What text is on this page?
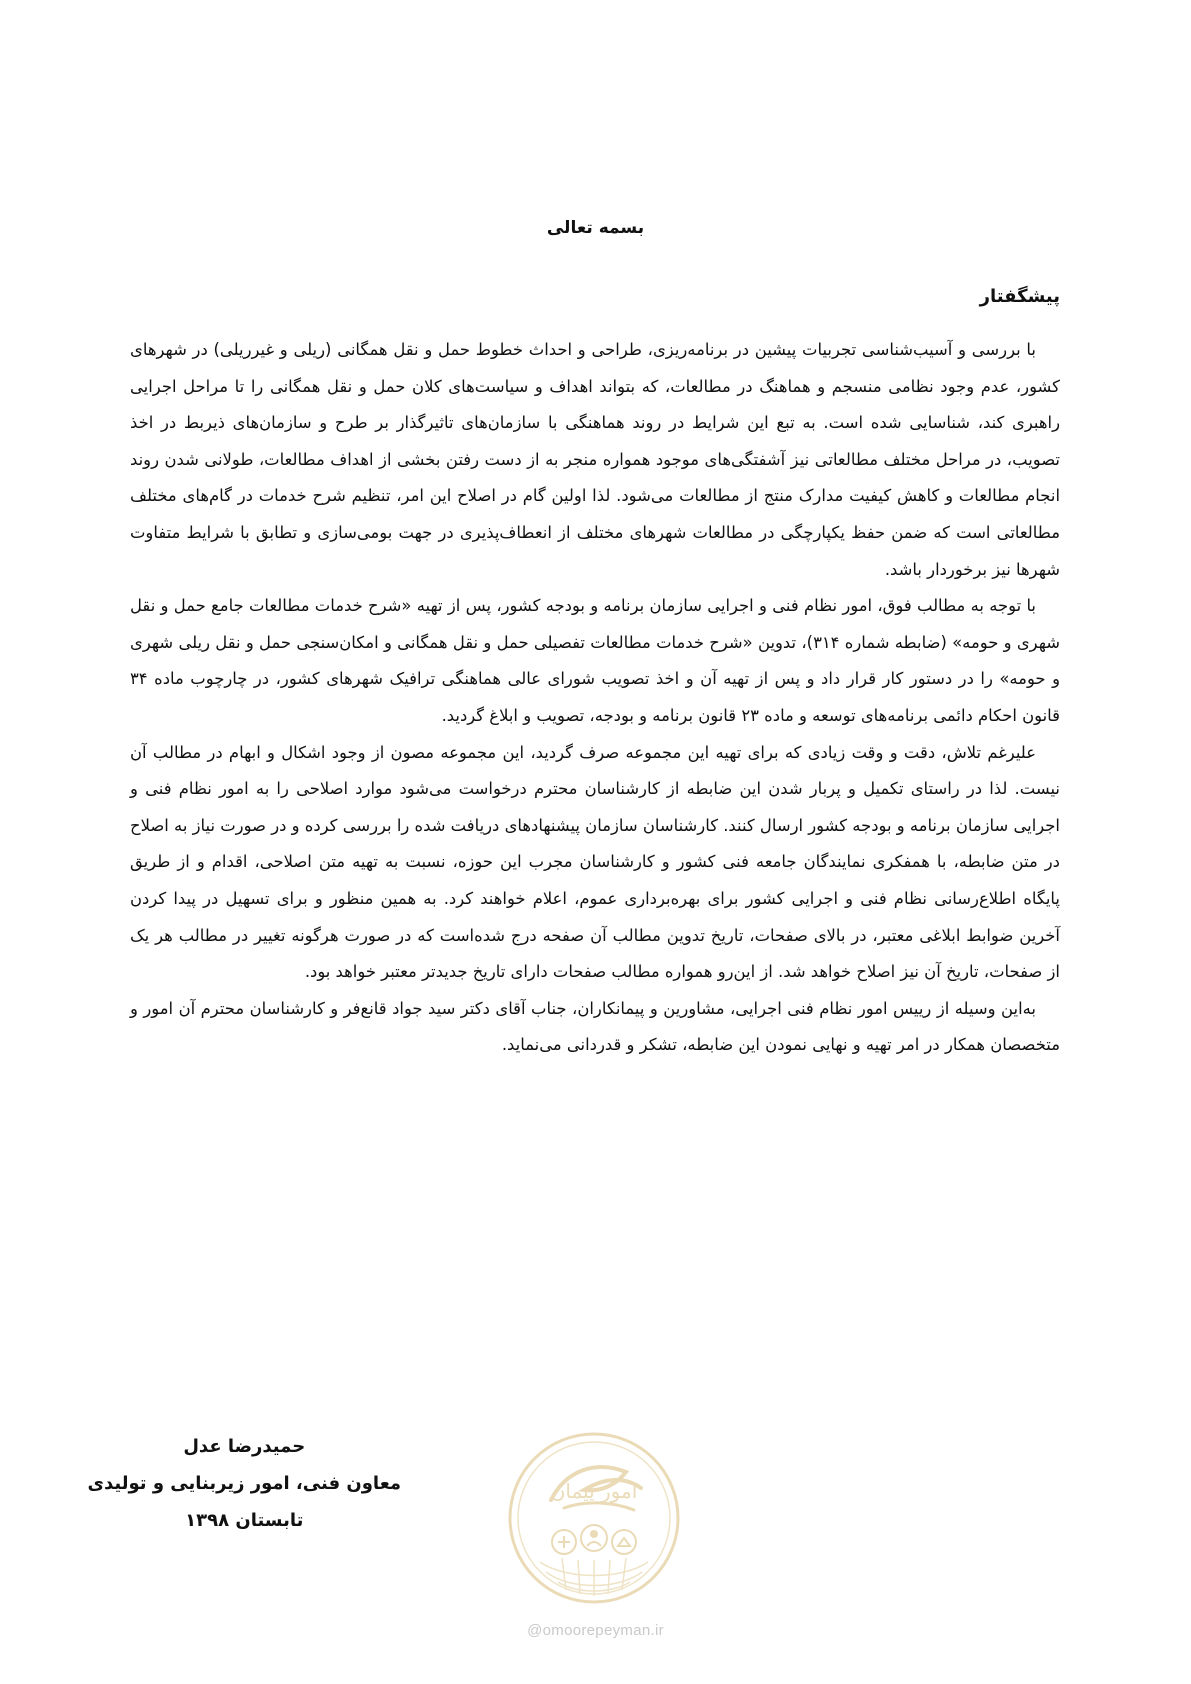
بسمه تعالی
پیشگفتار

با بررسی و آسیب‌شناسی تجربیات پیشین در برنامه‌ریزی، طراحی و احداث خطوط حمل و نقل همگانی (ریلی و غیرریلی) در شهرهای کشور، عدم وجود نظامی منسجم و هماهنگ در مطالعات، که بتواند اهداف و سیاست‌های کلان حمل و نقل همگانی را تا مراحل اجرایی راهبری کند، شناسایی شده است. به تبع این شرایط در روند هماهنگی با سازمان‌های تاثیرگذار بر طرح و سازمان‌های ذیربط در اخذ تصویب، در مراحل مختلف مطالعاتی نیز آشفتگی‌های موجود همواره منجر به از دست رفتن بخشی از اهداف مطالعات، طولانی شدن روند انجام مطالعات و کاهش کیفیت مدارک منتج از مطالعات می‌شود. لذا اولین گام در اصلاح این امر، تنظیم شرح خدمات در گام‌های مختلف مطالعاتی است که ضمن حفظ یکپارچگی در مطالعات شهرهای مختلف از انعطاف‌پذیری در جهت بومی‌سازی و تطابق با شرایط متفاوت شهرها نیز برخوردار باشد.

با توجه به مطالب فوق، امور نظام فنی و اجرایی سازمان برنامه و بودجه کشور، پس از تهیه «شرح خدمات مطالعات جامع حمل و نقل شهری و حومه» (ضابطه شماره ۳۱۴)، تدوین «شرح خدمات مطالعات تفصیلی حمل و نقل همگانی و امکان‌سنجی حمل و نقل ریلی شهری و حومه» را در دستور کار قرار داد و پس از تهیه آن و اخذ تصویب شورای عالی هماهنگی ترافیک شهرهای کشور، در چارچوب ماده ۳۴ قانون احکام دائمی برنامه‌های توسعه و ماده ۲۳ قانون برنامه و بودجه، تصویب و ابلاغ گردید.

علیرغم تلاش، دقت و وقت زیادی که برای تهیه این مجموعه صرف گردید، این مجموعه مصون از وجود اشکال و ابهام در مطالب آن نیست. لذا در راستای تکمیل و پربار شدن این ضابطه از کارشناسان محترم درخواست می‌شود موارد اصلاحی را به امور نظام فنی و اجرایی سازمان برنامه و بودجه کشور ارسال کنند. کارشناسان سازمان پیشنهادهای دریافت شده را بررسی کرده و در صورت نیاز به اصلاح در متن ضابطه، با همفکری نمایندگان جامعه فنی کشور و کارشناسان مجرب این حوزه، نسبت به تهیه متن اصلاحی، اقدام و از طریق پایگاه اطلاع‌رسانی نظام فنی و اجرایی کشور برای بهره‌برداری عموم، اعلام خواهند کرد. به همین منظور و برای تسهیل در پیدا کردن آخرین ضوابط ابلاغی معتبر، در بالای صفحات، تاریخ تدوین مطالب آن صفحه درج شده‌است که در صورت هرگونه تغییر در مطالب هر یک از صفحات، تاریخ آن نیز اصلاح خواهد شد. از این‌رو همواره مطالب صفحات دارای تاریخ جدیدتر معتبر خواهد بود.

به‌این وسیله از رییس امور نظام فنی اجرایی، مشاورین و پیمانکاران، جناب آقای دکتر سید جواد قانع‌فر و کارشناسان محترم آن امور و متخصصان همکار در امر تهیه و نهایی نمودن این ضابطه، تشکر و قدردانی می‌نماید.

حمیدرضا عدل
معاون فنی، امور زیربنایی و تولیدی
تابستان ۱۳۹۸
امور پیمان
@omoorepeyman.ir
